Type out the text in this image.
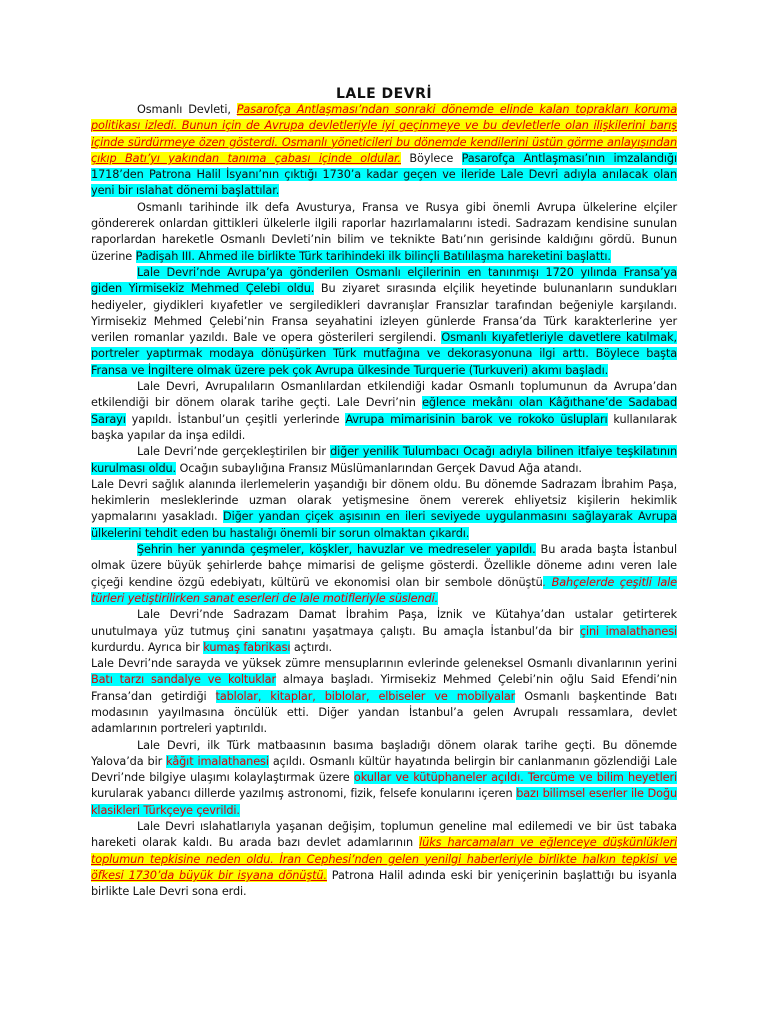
LALE DEVRİ

Osmanlı Devleti, Pasarofça Antlaşması’ndan sonraki dönemde elinde kalan toprakları koruma politikası izledi. Bunun için de Avrupa devletleriyle iyi geçinmeye ve bu devletlerle olan ilişkilerini barış içinde sürdürmeye özen gösterdi. Osmanlı yöneticileri bu dönemde kendilerini üstün görme anlayışından çıkıp Batı’yı yakından tanıma çabası içinde oldular. Böylece Pasarofça Antlaşması’nın imzalandığı 1718’den Patrona Halil İsyanı’nın çıktığı 1730’a kadar geçen ve ileride Lale Devri adıyla anılacak olan yeni bir ıslahat dönemi başlattılar.

Osmanlı tarihinde ilk defa Avusturya, Fransa ve Rusya gibi önemli Avrupa ülkelerine elçiler göndererek onlardan gittikleri ülkelerle ilgili raporlar hazırlamalarını istedi. Sadrazam kendisine sunulan raporlardan hareketle Osmanlı Devleti’nin bilim ve teknikte Batı’nın gerisinde kaldığını gördü. Bunun üzerine Padişah III. Ahmed ile birlikte Türk tarihindeki ilk bilinçli Batılılaşma hareketini başlattı.

Lale Devri’nde Avrupa’ya gönderilen Osmanlı elçilerinin en tanınmışı 1720 yılında Fransa’ya giden Yirmisekiz Mehmed Çelebi oldu. Bu ziyaret sırasında elçilik heyetinde bulunanların sundukları hediyeler, giydikleri kıyafetler ve sergiledikleri davranışlar Fransızlar tarafından beğeniyle karşılandı. Yirmisekiz Mehmed Çelebi’nin Fransa seyahatini izleyen günlerde Fransa’da Türk karakterlerine yer verilen romanlar yazıldı. Bale ve opera gösterileri sergilendi. Osmanlı kıyafetleriyle davetlere katılmak, portreler yaptırmak modaya dönüşürken Türk mutfağına ve dekorasyonuna ilgi arttı. Böylece başta Fransa ve İngiltere olmak üzere pek çok Avrupa ülkesinde Turquerie (Turkuveri) akımı başladı.

Lale Devri, Avrupalıların Osmanlılardan etkilendiği kadar Osmanlı toplumunun da Avrupa’dan etkilendiği bir dönem olarak tarihe geçti. Lale Devri’nin eğlence mekânı olan Kâğıthane’de Sadabad Sarayı yapıldı. İstanbul’un çeşitli yerlerinde Avrupa mimarisinin barok ve rokoko üslupları kullanılarak başka yapılar da inşa edildi.

Lale Devri’nde gerçekleştirilen bir diğer yenilik Tulumbacı Ocağı adıyla bilinen itfaiye teşkilatının kurulması oldu. Ocağın subaylığına Fransız Müslümanlarından Gerçek Davud Ağa atandı.

Lale Devri sağlık alanında ilerlemelerin yaşandığı bir dönem oldu. Bu dönemde Sadrazam İbrahim Paşa, hekimlerin mesleklerinde uzman olarak yetişmesine önem vererek ehliyetsiz kişilerin hekimlik yapmalarını yasakladı. Diğer yandan çiçek aşısının en ileri seviyede uygulanmasını sağlayarak Avrupa ülkelerini tehdit eden bu hastalığı önemli bir sorun olmaktan çıkardı.

Şehrin her yanında çeşmeler, köşkler, havuzlar ve medreseler yapıldı. Bu arada başta İstanbul olmak üzere büyük şehirlerde bahçe mimarisi de gelişme gösterdi. Özellikle döneme adını veren lale çiçeği kendine özgü edebiyatı, kültürü ve ekonomisi olan bir sembole dönüştü. Bahçelerde çeşitli lale türleri yetiştirilirken sanat eserleri de lale motifleriyle süslendi.

Lale Devri’nde Sadrazam Damat İbrahim Paşa, İznik ve Kütahya’dan ustalar getirterek unutulmaya yüz tutmuş çini sanatını yaşatmaya çalıştı. Bu amaçla İstanbul’da bir çini imalathanesi kurdurdu. Ayrıca bir kumaş fabrikası açtırdı.

Lale Devri’nde sarayda ve yüksek zümre mensuplarının evlerinde geleneksel Osmanlı divanlarının yerini Batı tarzı sandalye ve koltuklar almaya başladı. Yirmisekiz Mehmed Çelebi’nin oğlu Said Efendi’nin Fransa’dan getirdiği tablolar, kitaplar, biblolar, elbiseler ve mobilyalar Osmanlı başkentinde Batı modasının yayılmasına öncülük etti. Diğer yandan İstanbul’a gelen Avrupalı ressamlara, devlet adamlarının portreleri yaptırıldı.

Lale Devri, ilk Türk matbaasının basıma başladığı dönem olarak tarihe geçti. Bu dönemde Yalova’da bir kâğıt imalathanesi açıldı. Osmanlı kültür hayatında belirgin bir canlanmanın gözlendiği Lale Devri’nde bilgiye ulaşımı kolaylaştırmak üzere okullar ve kütüphaneler açıldı. Tercüme ve bilim heyetleri kurularak yabancı dillerde yazılmış astronomi, fizik, felsefe konularını içeren bazı bilimsel eserler ile Doğu klasikleri Türkçeye çevrildi.

Lale Devri ıslahatlarıyla yaşanan değişim, toplumun geneline mal edilemedi ve bir üst tabaka hareketi olarak kaldı. Bu arada bazı devlet adamlarının lüks harcamaları ve eğlenceye düşkünlükleri toplumun tepkisine neden oldu. İran Cephesi’nden gelen yenilgi haberleriyle birlikte halkın tepkisi ve öfkesi 1730’da büyük bir isyana dönüştü. Patrona Halil adında eski bir yeniçerinin başlattığı bu isyanla birlikte Lale Devri sona erdi.
